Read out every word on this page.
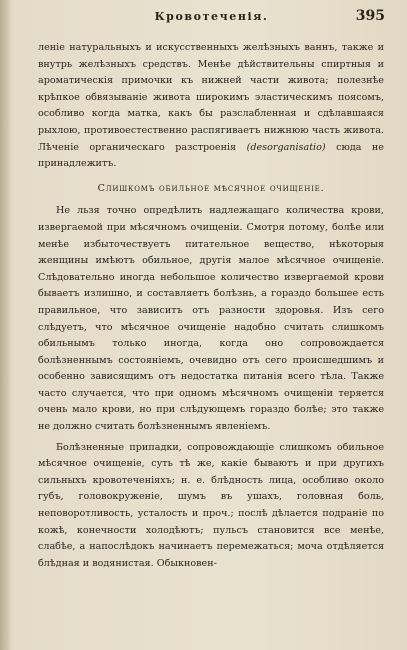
Кровотеченія.	395

леніе натуральныхъ и искусственныхъ желѣзныхъ ваннъ, также и внутрь желѣзныхъ средствъ. Менѣе дѣйствительны спиртныя и ароматическія примочки къ нижней части живота; полезнѣе крѣпкое обвязываніе живота широкимъ эластическимъ поясомъ, особливо когда матка, какъ бы разслабленная и сдѣлавшаяся рыхлою, противоестественно распягиваетъ нижнюю часть живота. Лѣченіе органическаго разстроенія (desorganisatio) сюда не принадлежитъ.

Слишкомъ обильное мѣсячное очищеніе.

Не льзя точно опредѣлить надлежащаго количества крови, извергаемой при мѣсячномъ очищеніи. Смотря потому, болѣе или менѣе избыточествуетъ питательное вещество, нѣкоторыя женщины имѣютъ обильное, другія малое мѣсячное очищеніе. Слѣдовательно иногда небольшое количество извергаемой крови бываетъ излишно, и составляетъ болѣзнь, а гораздо большее есть правильное, что зависитъ отъ разности здоровья. Изъ сего слѣдуетъ, что мѣсячное очищеніе надобно считать слишкомъ обильнымъ только иногда, когда оно сопровождается болѣзненнымъ состояніемъ, очевидно отъ сего происшедшимъ и особенно зависящимъ отъ недостатка питанія всего тѣла. Также часто случается, что при одномъ мѣсячномъ очищеніи теряется очень мало крови, но при слѣдующемъ гораздо болѣе; это также не должно считать болѣзненнымъ явленіемъ.

Болѣзненные припадки, сопровождающіе слишкомъ обильное мѣсячное очищеніе, суть тѣ же, какіе бываютъ и при другихъ сильныхъ кровотеченіяхъ; н. е. блѣдность лица, особливо около губъ, головокруженіе, шумъ въ ушахъ, головная боль, неповоротливость, усталость и проч.; послѣ дѣлается подраніе по кожѣ, конечности холодѣютъ; пульсъ становится все менѣе, слабѣе, а напослѣдокъ начинаетъ перемежаться; моча отдѣляется блѣдная и водянистая. Обыкновен-
